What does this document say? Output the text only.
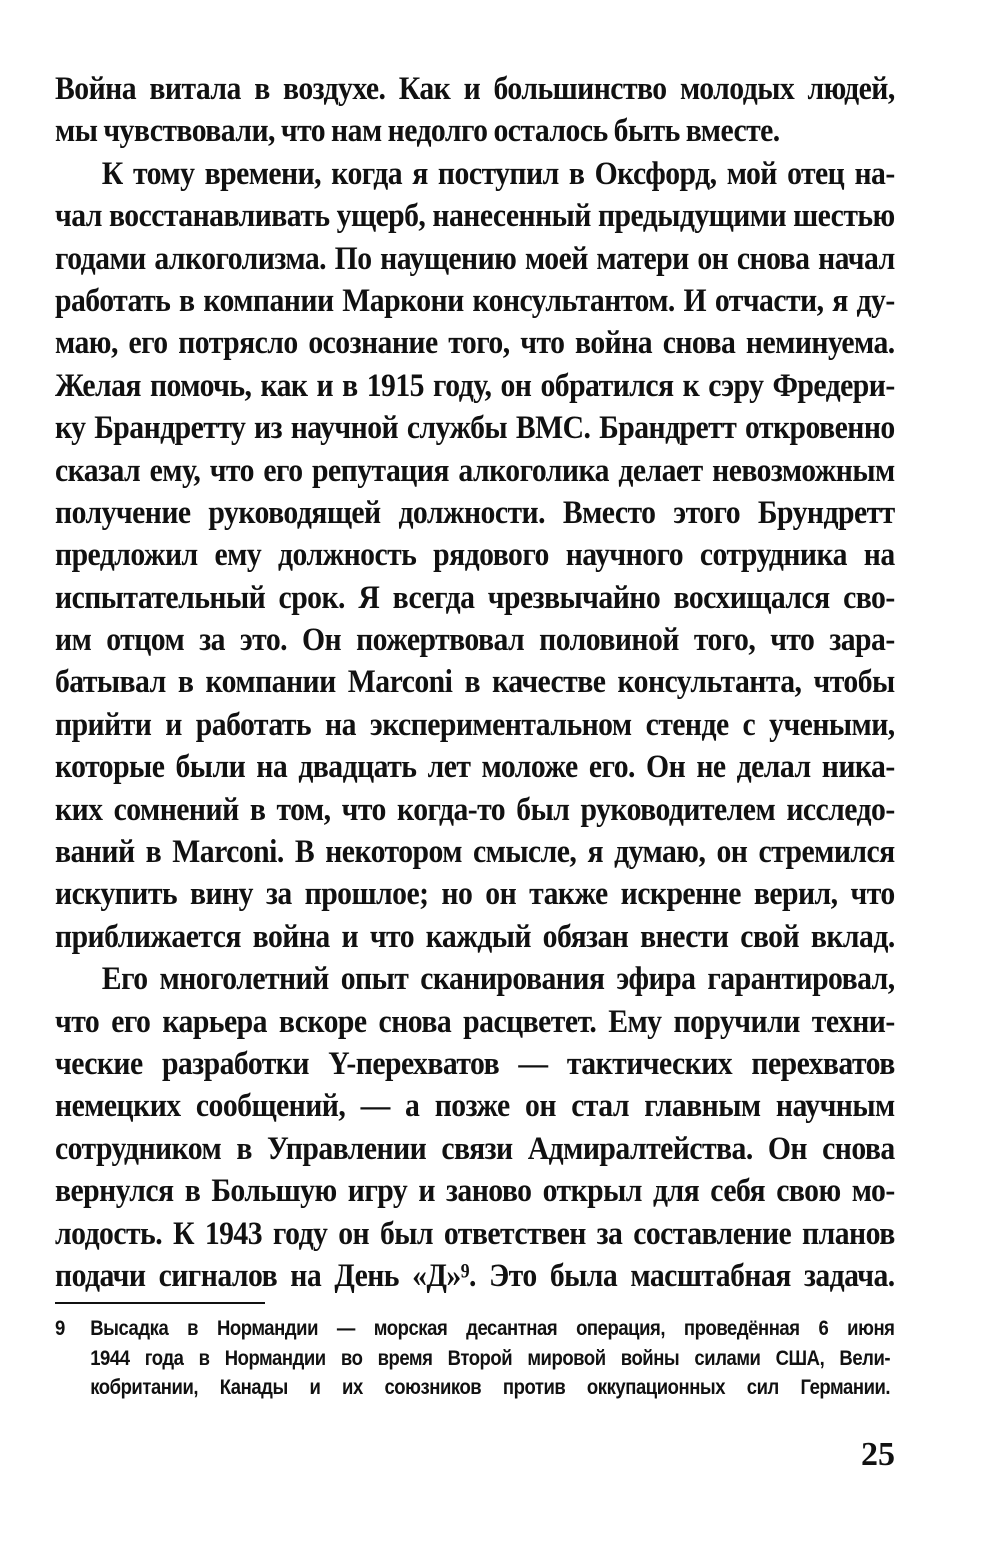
Война витала в воздухе. Как и большинство молодых людей,
мы чувствовали, что нам недолго осталось быть вместе.
К тому времени, когда я поступил в Оксфорд, мой отец на-
чал восстанавливать ущерб, нанесенный предыдущими шестью
годами алкоголизма. По наущению моей матери он снова начал
работать в компании Маркони консультантом. И отчасти, я ду-
маю, его потрясло осознание того, что война снова неминуема.
Желая помочь, как и в 1915 году, он обратился к сэру Фредери-
ку Брандретту из научной службы ВМС. Брандретт откровенно
сказал ему, что его репутация алкоголика делает невозможным
получение руководящей должности. Вместо этого Брундретт
предложил ему должность рядового научного сотрудника на
испытательный срок. Я всегда чрезвычайно восхищался сво-
им отцом за это. Он пожертвовал половиной того, что зара-
батывал в компании Marconi в качестве консультанта, чтобы
прийти и работать на экспериментальном стенде с учеными,
которые были на двадцать лет моложе его. Он не делал ника-
ких сомнений в том, что когда-то был руководителем исследо-
ваний в Marconi. В некотором смысле, я думаю, он стремился
искупить вину за прошлое; но он также искренне верил, что
приближается война и что каждый обязан внести свой вклад.
Его многолетний опыт сканирования эфира гарантировал,
что его карьера вскоре снова расцветет. Ему поручили техни-
ческие разработки Y-перехватов — тактических перехватов
немецких сообщений, — а позже он стал главным научным
сотрудником в Управлении связи Адмиралтейства. Он снова
вернулся в Большую игру и заново открыл для себя свою мо-
лодость. К 1943 году он был ответствен за составление планов
подачи сигналов на День «Д»⁹. Это была масштабная задача.
9 Высадка в Нормандии — морская десантная операция, проведённая 6 июня
1944 года в Нормандии во время Второй мировой войны силами США, Вели-
кобритании, Канады и их союзников против оккупационных сил Германии.
25
